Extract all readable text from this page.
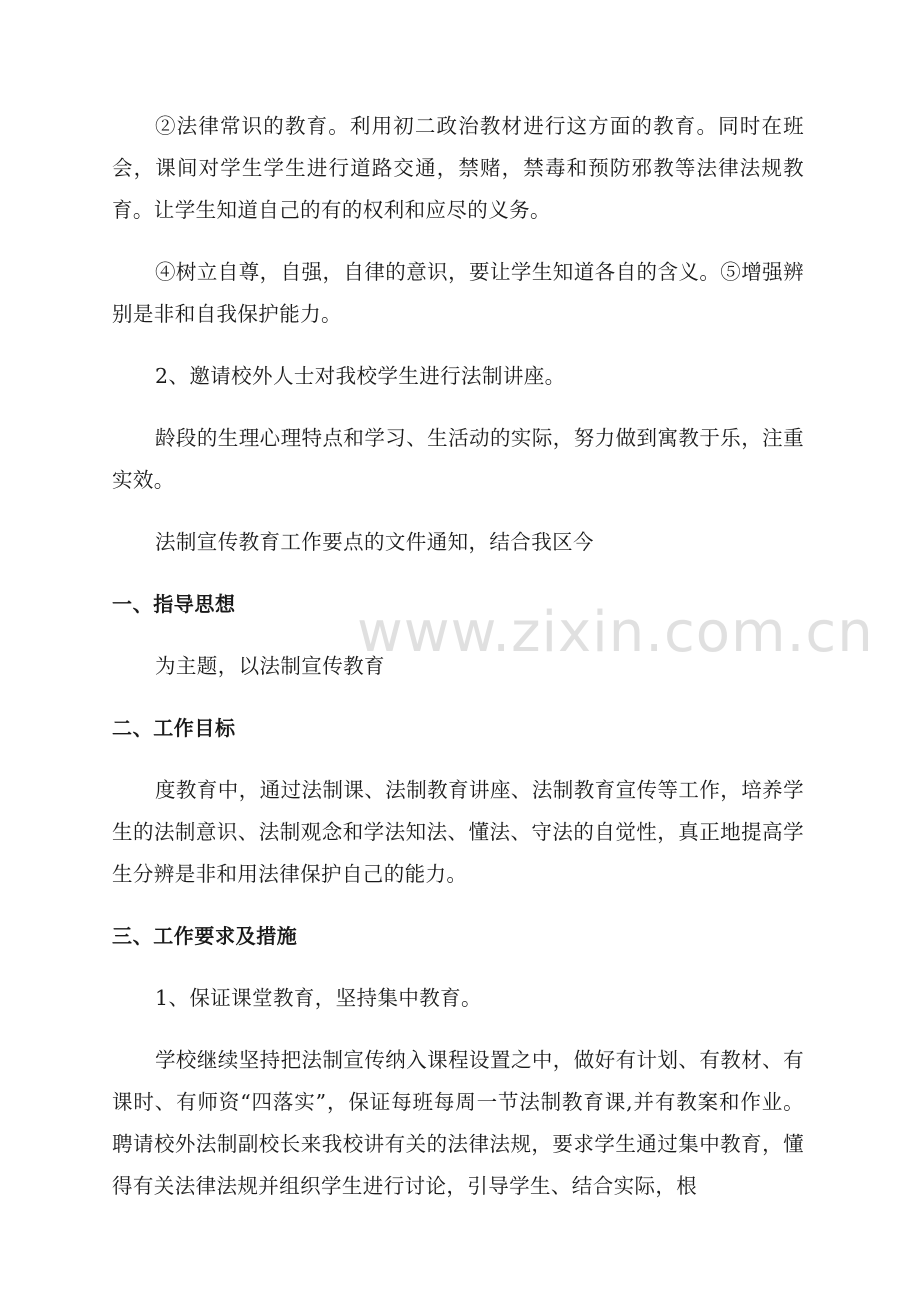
②法律常识的教育。利用初二政治教材进行这方面的教育。同时在班会，课间对学生学生进行道路交通，禁赌，禁毒和预防邪教等法律法规教育。让学生知道自己的有的权利和应尽的义务。

④树立自尊，自强，自律的意识，要让学生知道各自的含义。⑤增强辨别是非和自我保护能力。

2、邀请校外人士对我校学生进行法制讲座。

龄段的生理心理特点和学习、生活动的实际，努力做到寓教于乐，注重实效。

法制宣传教育工作要点的文件通知，结合我区今

一、指导思想

为主题，以法制宣传教育

二、工作目标

度教育中，通过法制课、法制教育讲座、法制教育宣传等工作，培养学生的法制意识、法制观念和学法知法、懂法、守法的自觉性，真正地提高学生分辨是非和用法律保护自己的能力。

三、工作要求及措施

1、保证课堂教育，坚持集中教育。

学校继续坚持把法制宣传纳入课程设置之中，做好有计划、有教材、有课时、有师资“四落实”，保证每班每周一节法制教育课,并有教案和作业。聘请校外法制副校长来我校讲有关的法律法规，要求学生通过集中教育，懂得有关法律法规并组织学生进行讨论，引导学生、结合实际，根

www.zixin.com.cn
